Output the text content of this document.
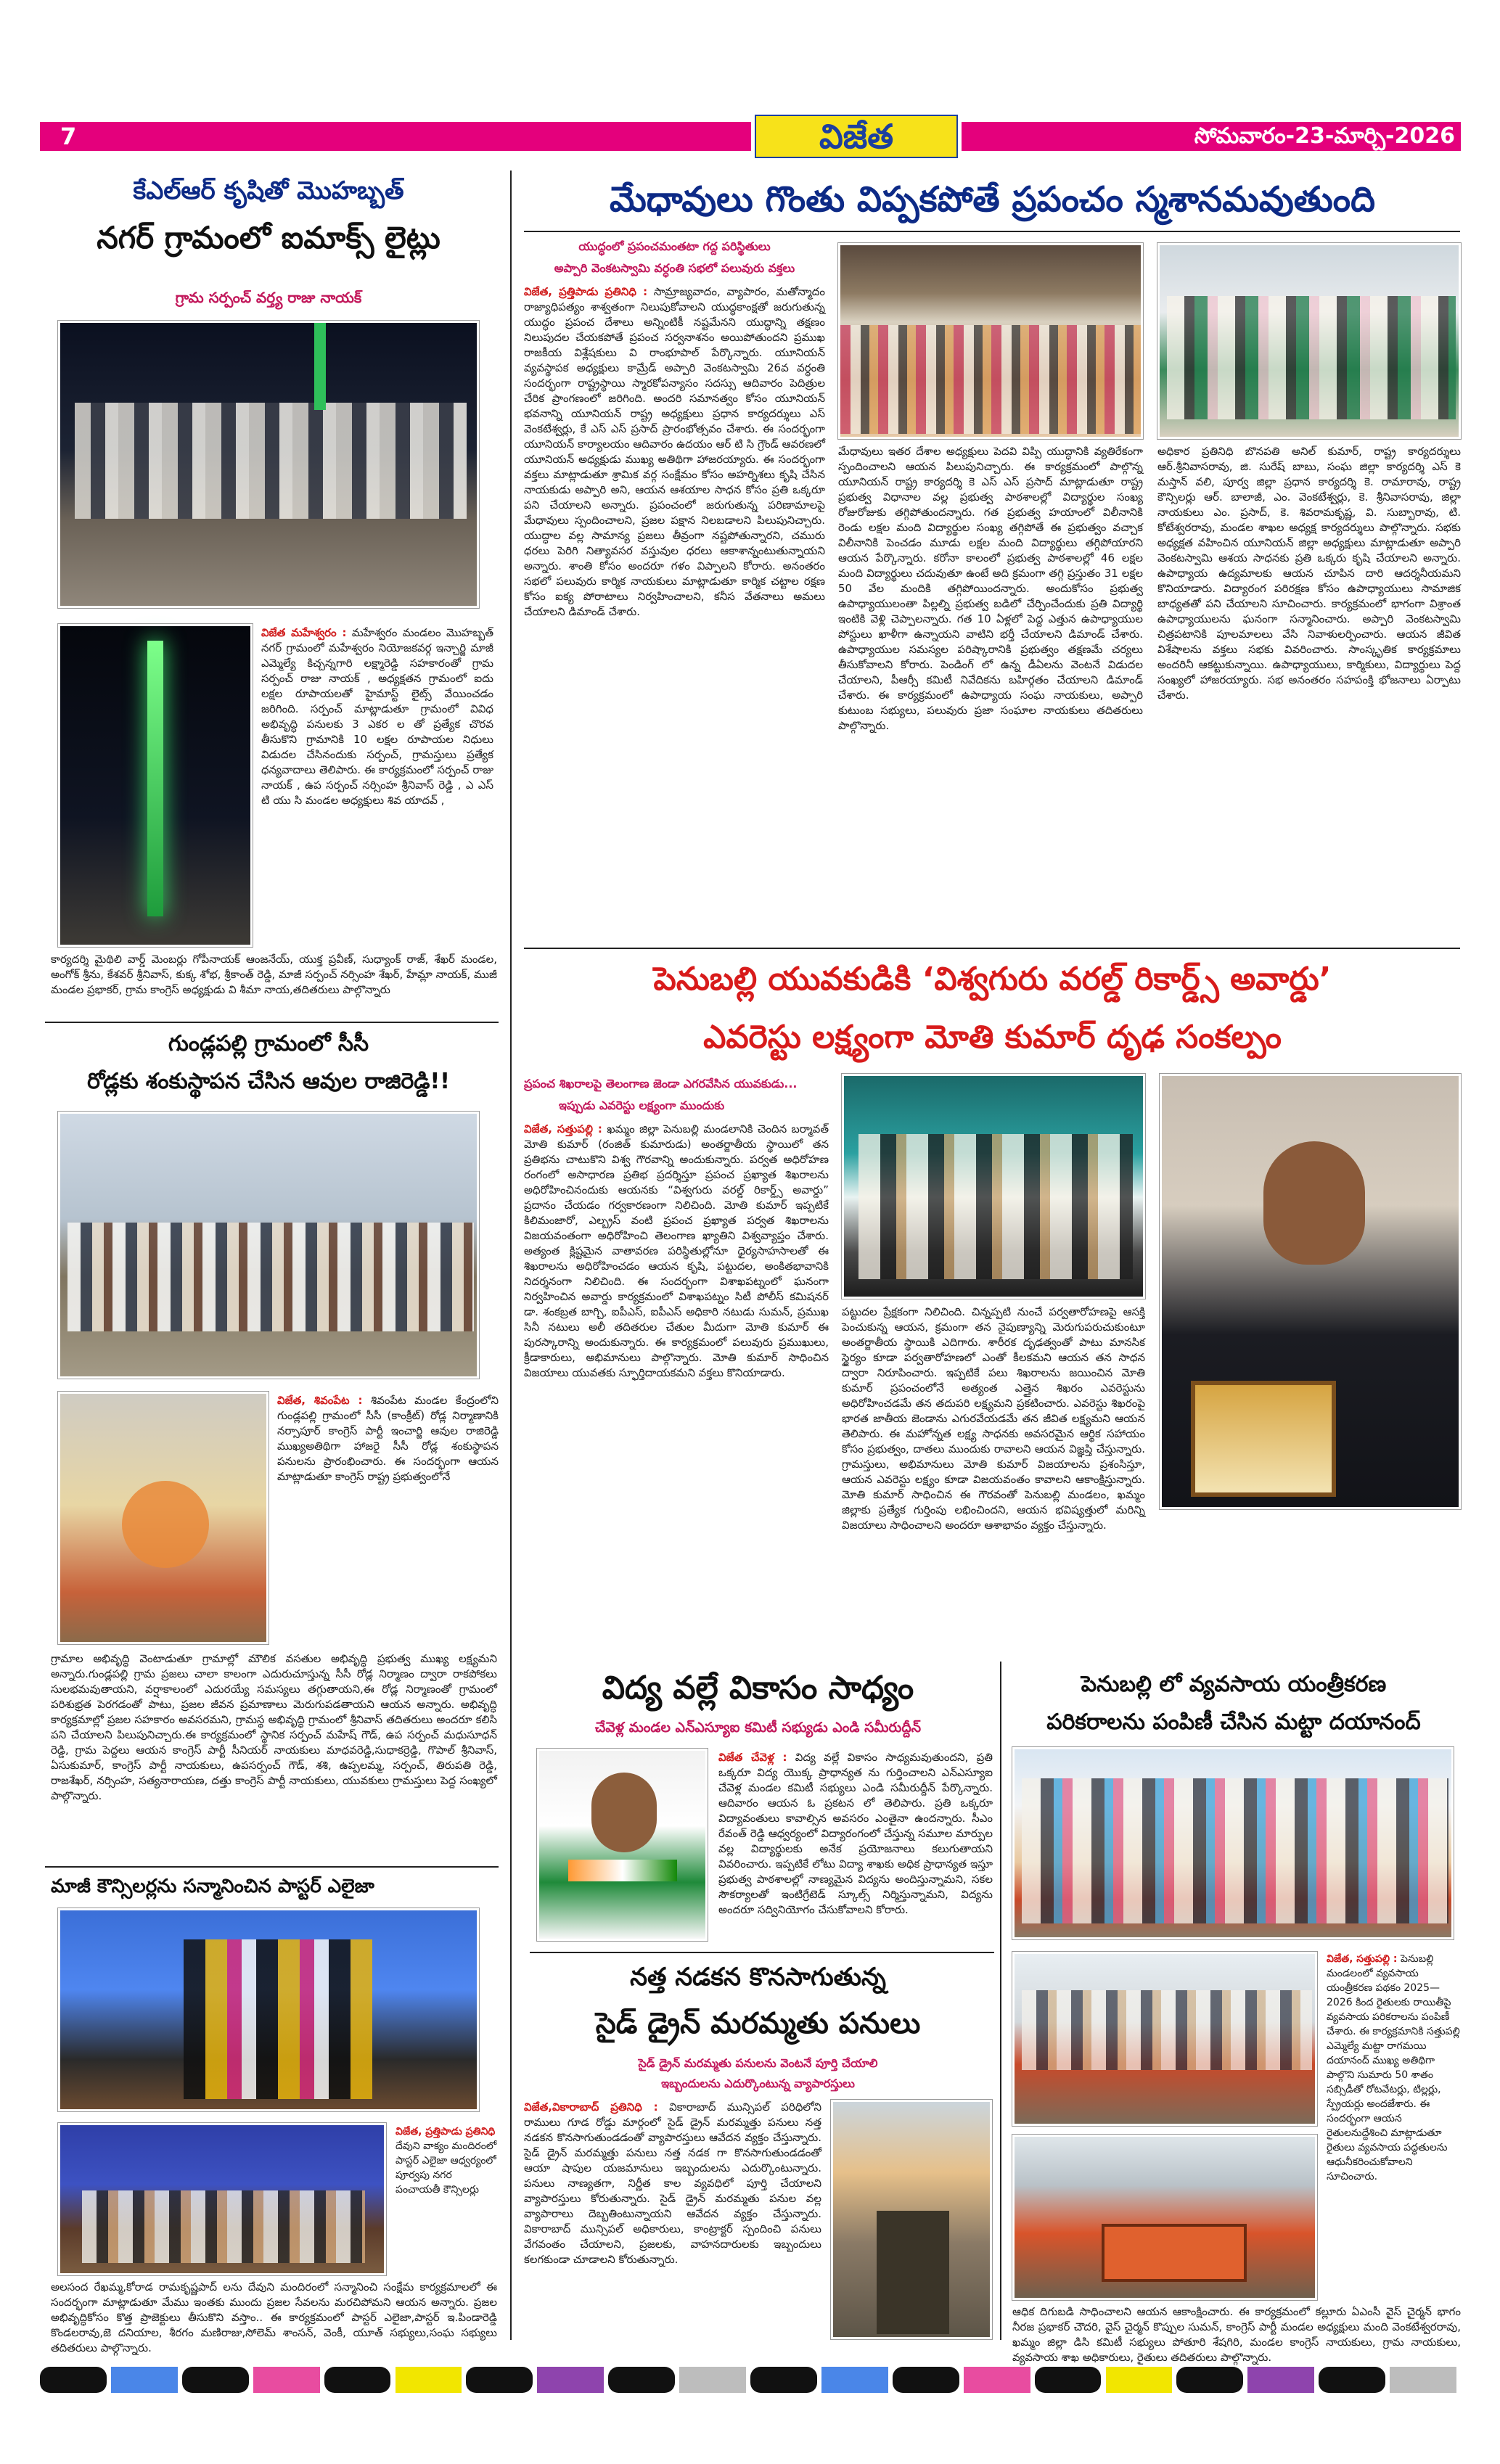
7	విజేత	సోమవారం-23-మార్చి-2026
కేఎల్ఆర్ కృషితో మొహబ్బత్
నగర్ గ్రామంలో ఐమాక్స్ లైట్లు
గ్రామ సర్పంచ్ వర్త్య రాజు నాయక్
విజేత మహేశ్వరం : మహేశ్వరం మండలం మొహబ్బత్ నగర్ గ్రామంలో మహేశ్వరం నియోజకవర్గ ఇన్చార్జి మాజీ ఎమ్మెల్యే కిచ్చన్నగారి లక్ష్మారెడ్డి సహకారంతో గ్రామ సర్పంచ్ రాజు నాయక్ , అధ్యక్షతన గ్రామంలో ఐదు లక్షల రూపాయలతో హైమాస్ట్ లైట్స్ వేయించడం జరిగింది. సర్పంచ్ మాట్లాడుతూ గ్రామంలో వివిధ అభివృద్ధి పనులకు 3 ఎకర ల తో ప్రత్యేక చొరవ తీసుకొని గ్రామానికి 10 లక్షల రూపాయల నిధులు విడుదల చేసినందుకు సర్పంచ్, గ్రామస్తులు ప్రత్యేక ధన్యవాదాలు తెలిపారు. ఈ కార్యక్రమంలో సర్పంచ్ రాజు నాయక్ , ఉప సర్పంచ్ నర్సింహ శ్రీనివాస్ రెడ్డి , ఎ ఎస్ టి యు సి మండల అధ్యక్షులు శివ యాదవ్ ,
కార్యదర్శి మైథిలి వార్డ్ మెంబర్లు గోపీనాయక్ ఆంజనేయ్, యుక్త ప్రవీణ్, సుధ్యాంక్ రాజ్, శేఖర్ మండల, అంగోక్ శ్రీను, కేశవర్ శ్రీనివాస్, కుక్క శోభ, శ్రీకాంత్ రెడ్డి, మాజీ సర్పంచ్ నర్సింహ శేఖర్, హేమ్లా నాయక్, ముజీ మండల ప్రభాకర్, గ్రామ కాంగ్రెస్ అధ్యక్షుడు వి శీమా నాయ,తదితరులు పాల్గొన్నారు
గుండ్లపల్లి గ్రామంలో సీసీ
రోడ్లకు శంకుస్థాపన చేసిన ఆవుల రాజిరెడ్డి!!
విజేత, శివంపేట : శివంపేట మండల కేంద్రంలోని గుండ్లపల్లి గ్రామంలో సీసీ (కాంక్రీట్) రోడ్ల నిర్మాణానికి నర్సాపూర్ కాంగ్రెస్ పార్టీ ఇంచార్జి ఆవుల రాజిరెడ్డి ముఖ్యఅతిథిగా హాజరై సీసీ రోడ్ల శంకుస్థాపన పనులను ప్రారంభించారు. ఈ సందర్భంగా ఆయన మాట్లాడుతూ కాంగ్రెస్ రాష్ట్ర ప్రభుత్వంలోనే
గ్రామాల అభివృద్ధి వెంటాడుతూ గ్రామాల్లో మౌలిక వసతుల అభివృద్ధి ప్రభుత్వ ముఖ్య లక్ష్యమని అన్నారు.గుండ్లపల్లి గ్రామ ప్రజలు చాలా కాలంగా ఎదురుచూస్తున్న సీసీ రోడ్ల నిర్మాణం ద్వారా రాకపోకలు సులభమవుతాయని, వర్షాకాలంలో ఎదురయ్యే సమస్యలు తగ్గుతాయని,ఈ రోడ్ల నిర్మాణంతో గ్రామంలో పరిశుభ్రత పెరగడంతో పాటు, ప్రజల జీవన ప్రమాణాలు మెరుగుపడతాయని ఆయన అన్నారు. అభివృద్ధి కార్యక్రమాల్లో ప్రజల సహకారం అవసరమని, గ్రామస్థ అభివృద్ధి గ్రామంలో శ్రీనివాస్ తదితరులు అందరూ కలిసి పని చేయాలని పిలుపునిచ్చారు.ఈ కార్యక్రమంలో స్థానిక సర్పంచ్ మహేష్ గౌడ్, ఉప సర్పంచ్ మధుసూధన్ రెడ్డి, గ్రామ పెద్దలు ఆయన కాంగ్రెస్ పార్టీ సీనియర్ నాయకులు మాధవరెడ్డి,సుధాకర్రెడ్డి, గొపాల్ శ్రీనివాస్, ఏసుకుమార్, కాంగ్రెస్ పార్టీ నాయకులు, ఉపసర్పంచ్ గౌడ్, శశి, ఉప్పలమ్మ, సర్పంచ్, తిరుపతి రెడ్డి, రాజశేఖర్, నర్సింహ, సత్యనారాయణ, దత్తు కాంగ్రెస్ పార్టీ నాయకులు, యువకులు గ్రామస్తులు పెద్ద సంఖ్యలో పాల్గొన్నారు.
మాజీ కౌన్సిలర్లను సన్మానించిన పాస్టర్ ఎలైజా
విజేత, ప్రత్తిపాడు ప్రతినిధి దేవుని వాక్యం మందిరంలో పాస్టర్ ఎలైజా ఆధ్వర్యంలో పూర్వపు నగర పంచాయతీ కౌన్సిలర్లు
అలసంద రేఖమ్మ,కోరాడ రామకృష్ణపాద్ లను దేవుని మందిరంలో సన్మానించి సంక్షేమ కార్యక్రమాలలో ఈ సందర్భంగా మాట్లాడుతూ మేము ఇంతకు ముందు ప్రజల సేవలను మరచిపోమని ఆయన అన్నారు. ప్రజల అభివృద్ధికోసం కొత్త ప్రాజెక్టులు తీసుకొని వస్తాం.. ఈ కార్యక్రమంలో పాస్టర్ ఎలైజా,పాస్టర్ ఇ.పిండారెడ్డి కొండలరావు,జె దనియాల, శీరగం మణిరాజు,సోలెమ్ శాంసన్, వెంకీ, యూత్ సభ్యులు,సంఘ సభ్యులు తదితరులు పాల్గొన్నారు.
మేధావులు గొంతు విప్పకపోతే ప్రపంచం స్మశానమవుతుంది
యుద్ధంలో ప్రపంచమంతటా గద్ద పరిస్థితులు
అప్పారి వెంకటస్వామి వర్ధంతి సభలో పలువురు వక్తలు
విజేత, ప్రత్తిపాడు ప్రతినిధి : సామ్రాజ్యవాదం, వ్యాపారం, మతోన్మాదం రాజ్యాధిపత్యం శాశ్వతంగా నిలుపుకోవాలని యుద్ధకాంక్షతో జరుగుతున్న యుద్ధం ప్రపంచ దేశాలు అన్నింటికీ నష్టమేనని యుద్ధాన్ని తక్షణం నిలుపుదల చేయకపోతే ప్రపంచ సర్వనాశనం అయిపోతుందని ప్రముఖ రాజకీయ విశ్లేషకులు వి రాంభూపాల్ పేర్కొన్నారు. యూనియన్ వ్యవస్థాపక అధ్యక్షులు కామ్రేడ్ అప్పారి వెంకటస్వామి 26వ వర్ధంతి సందర్భంగా రాష్ట్రస్థాయి స్మారకోపన్యాసం సదస్సు ఆదివారం పెదిత్రుల చేరిక ప్రాంగణంలో జరిగింది. అందరి సమానత్వం కోసం యూనియన్ భవనాన్ని యూనియన్ రాష్ట్ర అధ్యక్షులు ప్రధాన కార్యదర్శులు ఎస్ వెంకటేశ్వర్లు, కే ఎస్ ఎస్ ప్రసాద్ ప్రారంభోత్సవం చేశారు. ఈ సందర్భంగా యూనియన్ కార్యాలయం ఆదివారం ఉదయం ఆర్ టి సి గ్రౌండ్ ఆవరణలో యూనియన్ అధ్యక్షుడు ముఖ్య అతిథిగా హాజరయ్యారు. ఈ సందర్భంగా వక్తలు మాట్లాడుతూ శ్రామిక వర్గ సంక్షేమం కోసం అహర్నిశలు కృషి చేసిన నాయకుడు అప్పారి అని, ఆయన ఆశయాల సాధన కోసం ప్రతి ఒక్కరూ పని చేయాలని అన్నారు. ప్రపంచంలో జరుగుతున్న పరిణామాలపై మేధావులు స్పందించాలని, ప్రజల పక్షాన నిలబడాలని పిలుపునిచ్చారు. యుద్ధాల వల్ల సామాన్య ప్రజలు తీవ్రంగా నష్టపోతున్నారని, చమురు ధరలు పెరిగి నిత్యావసర వస్తువుల ధరలు ఆకాశాన్నంటుతున్నాయని అన్నారు. శాంతి కోసం అందరూ గళం విప్పాలని కోరారు. అనంతరం సభలో పలువురు కార్మిక నాయకులు మాట్లాడుతూ కార్మిక చట్టాల రక్షణ కోసం ఐక్య పోరాటాలు నిర్వహించాలని, కనీస వేతనాలు అమలు చేయాలని డిమాండ్ చేశారు.
మేధావులు ఇతర దేశాల అధ్యక్షులు పెదవి విప్పి యుద్ధానికి వ్యతిరేకంగా స్పందించాలని ఆయన పిలుపునిచ్చారు. ఈ కార్యక్రమంలో పాల్గొన్న యూనియన్ రాష్ట్ర కార్యదర్శి కె ఎస్ ఎస్ ప్రసాద్ మాట్లాడుతూ రాష్ట్ర ప్రభుత్వ విధానాల వల్ల ప్రభుత్వ పాఠశాలల్లో విద్యార్థుల సంఖ్య రోజురోజుకు తగ్గిపోతుందన్నారు. గత ప్రభుత్వ హయాంలో విలీనానికి రెండు లక్షల మంది విద్యార్థుల సంఖ్య తగ్గిపోతే ఈ ప్రభుత్వం వచ్చాక విలీనానికి పెంచడం మూడు లక్షల మంది విద్యార్థులు తగ్గిపోయారని ఆయన పేర్కొన్నారు. కరోనా కాలంలో ప్రభుత్వ పాఠశాలల్లో 46 లక్షల మంది విద్యార్థులు చదువుతూ ఉంటే అది క్రమంగా తగ్గి ప్రస్తుతం 31 లక్షల 50 వేల మందికి తగ్గిపోయిందన్నారు. అందుకోసం ప్రభుత్వ ఉపాధ్యాయులంతా పిల్లల్ని ప్రభుత్వ బడిలో చేర్పించేందుకు ప్రతి విద్యార్థి ఇంటికి వెళ్లి చెప్పాలన్నారు. గత 10 ఏళ్లలో పెద్ద ఎత్తున ఉపాధ్యాయుల పోస్టులు ఖాళీగా ఉన్నాయని వాటిని భర్తీ చేయాలని డిమాండ్ చేశారు. ఉపాధ్యాయుల సమస్యల పరిష్కారానికి ప్రభుత్వం తక్షణమే చర్యలు తీసుకోవాలని కోరారు. పెండింగ్ లో ఉన్న డీఏలను వెంటనే విడుదల చేయాలని, పీఆర్సీ కమిటీ నివేదికను బహిర్గతం చేయాలని డిమాండ్ చేశారు. ఈ కార్యక్రమంలో ఉపాధ్యాయ సంఘ నాయకులు, అప్పారి కుటుంబ సభ్యులు, పలువురు ప్రజా సంఘాల నాయకులు తదితరులు పాల్గొన్నారు.
అధికార ప్రతినిధి బొనపతి అనిల్ కుమార్, రాష్ట్ర కార్యదర్శులు ఆర్.శ్రీనివాసరావు, జి. సురేష్ బాబు, సంఘ జిల్లా కార్యదర్శి ఎస్ కె మస్తాన్ వలి, పూర్వ జిల్లా ప్రధాన కార్యదర్శి కె. రామారావు, రాష్ట్ర కౌన్సిలర్లు ఆర్. బాలాజీ, ఎం. వెంకటేశ్వర్లు, కె. శ్రీనివాసరావు, జిల్లా నాయకులు ఎం. ప్రసాద్, కె. శివరామకృష్ణ, వి. సుబ్బారావు, టి. కోటేశ్వరరావు, మండల శాఖల అధ్యక్ష కార్యదర్శులు పాల్గొన్నారు. సభకు అధ్యక్షత వహించిన యూనియన్ జిల్లా అధ్యక్షులు మాట్లాడుతూ అప్పారి వెంకటస్వామి ఆశయ సాధనకు ప్రతి ఒక్కరు కృషి చేయాలని అన్నారు. ఉపాధ్యాయ ఉద్యమాలకు ఆయన చూపిన దారి ఆదర్శనీయమని కొనియాడారు. విద్యారంగ పరిరక్షణ కోసం ఉపాధ్యాయులు సామాజిక బాధ్యతతో పని చేయాలని సూచించారు. కార్యక్రమంలో భాగంగా విశ్రాంత ఉపాధ్యాయులను ఘనంగా సన్మానించారు. అప్పారి వెంకటస్వామి చిత్రపటానికి పూలమాలలు వేసి నివాళులర్పించారు. ఆయన జీవిత విశేషాలను వక్తలు సభకు వివరించారు. సాంస్కృతిక కార్యక్రమాలు అందరినీ ఆకట్టుకున్నాయి. ఉపాధ్యాయులు, కార్మికులు, విద్యార్థులు పెద్ద సంఖ్యలో హాజరయ్యారు. సభ అనంతరం సహపంక్తి భోజనాలు ఏర్పాటు చేశారు.
పెనుబల్లి యువకుడికి ‘విశ్వగురు వరల్డ్ రికార్డ్స్ అవార్డు’
ఎవరెస్టు లక్ష్యంగా మోతి కుమార్ దృఢ సంకల్పం
ప్రపంచ శిఖరాలపై తెలంగాణ జెండా ఎగరవేసిన యువకుడు...
ఇప్పుడు ఎవరెస్టు లక్ష్యంగా ముందుకు
విజేత, సత్తుపల్లి : ఖమ్మం జిల్లా పెనుబల్లి మండలానికి చెందిన బర్మావత్ మోతి కుమార్ (రంజిత్ కుమారుడు) అంతర్జాతీయ స్థాయిలో తన ప్రతిభను చాటుకొని విశ్వ గౌరవాన్ని అందుకున్నారు. పర్వత అధిరోహణ రంగంలో అసాధారణ ప్రతిభ ప్రదర్శిస్తూ ప్రపంచ ప్రఖ్యాత శిఖరాలను అధిరోహించినందుకు ఆయనకు “విశ్వగురు వరల్డ్ రికార్డ్స్ అవార్డు” ప్రదానం చేయడం గర్వకారణంగా నిలిచింది. మోతి కుమార్ ఇప్పటికే కిలిమంజారో, ఎల్బ్రస్ వంటి ప్రపంచ ప్రఖ్యాత పర్వత శిఖరాలను విజయవంతంగా అధిరోహించి తెలంగాణ ఖ్యాతిని విశ్వవ్యాప్తం చేశారు. అత్యంత క్లిష్టమైన వాతావరణ పరిస్థితుల్లోనూ ధైర్యసాహసాలతో ఈ శిఖరాలను అధిరోహించడం ఆయన కృషి, పట్టుదల, అంకితభావానికి నిదర్శనంగా నిలిచింది. ఈ సందర్భంగా విశాఖపట్నంలో ఘనంగా నిర్వహించిన అవార్డు కార్యక్రమంలో విశాఖపట్నం సిటీ పోలీస్ కమిషనర్ డా. శంకబ్రత బాగ్చి, ఐపీఎస్, ఐపీఎస్ అధికారి నటుడు సుమన్, ప్రముఖ సినీ నటులు అలీ తదితరుల చేతుల మీదుగా మోతి కుమార్ ఈ పురస్కారాన్ని అందుకున్నారు. ఈ కార్యక్రమంలో పలువురు ప్రముఖులు, క్రీడాకారులు, అభిమానులు పాల్గొన్నారు. మోతి కుమార్ సాధించిన విజయాలు యువతకు స్ఫూర్తిదాయకమని వక్తలు కొనియాడారు.
పట్టుదల ప్రేక్షకంగా నిలిచింది. చిన్నప్పటి నుంచే పర్వతారోహణపై ఆసక్తి పెంచుకున్న ఆయన, క్రమంగా తన నైపుణ్యాన్ని మెరుగుపరుచుకుంటూ అంతర్జాతీయ స్థాయికి ఎదిగారు. శారీరక దృఢత్వంతో పాటు మానసిక స్థైర్యం కూడా పర్వతారోహణలో ఎంతో కీలకమని ఆయన తన సాధన ద్వారా నిరూపించారు. ఇప్పటికే పలు శిఖరాలను జయించిన మోతి కుమార్ ప్రపంచంలోనే అత్యంత ఎత్తైన శిఖరం ఎవరెస్టును అధిరోహించడమే తన తదుపరి లక్ష్యమని ప్రకటించారు. ఎవరెస్టు శిఖరంపై భారత జాతీయ జెండాను ఎగురవేయడమే తన జీవిత లక్ష్యమని ఆయన తెలిపారు. ఈ మహోన్నత లక్ష్య సాధనకు అవసరమైన ఆర్థిక సహాయం కోసం ప్రభుత్వం, దాతలు ముందుకు రావాలని ఆయన విజ్ఞప్తి చేస్తున్నారు. గ్రామస్తులు, అభిమానులు మోతి కుమార్ విజయాలను ప్రశంసిస్తూ, ఆయన ఎవరెస్టు లక్ష్యం కూడా విజయవంతం కావాలని ఆకాంక్షిస్తున్నారు. మోతి కుమార్ సాధించిన ఈ గౌరవంతో పెనుబల్లి మండలం, ఖమ్మం జిల్లాకు ప్రత్యేక గుర్తింపు లభించిందని, ఆయన భవిష్యత్తులో మరిన్ని విజయాలు సాధించాలని అందరూ ఆశాభావం వ్యక్తం చేస్తున్నారు.
విద్య వల్లే వికాసం సాధ్యం
చేవెళ్ల మండల ఎన్ఎస్యూఐ కమిటీ సభ్యుడు ఎండి సమీరుద్దీన్
విజేత చేవెళ్ల : విద్య వల్లే వికాసం సాధ్యమవుతుందని, ప్రతి ఒక్కరూ విద్య యొక్క ప్రాధాన్యత ను గుర్తించాలని ఎన్ఎస్యూఐ చేవెళ్ల మండల కమిటీ సభ్యులు ఎండి సమీరుద్దీన్ పేర్కొన్నారు. ఆదివారం ఆయన ఓ ప్రకటన లో తెలిపారు. ప్రతి ఒక్కరూ విద్యావంతులు కావాల్సిన అవసరం ఎంతైనా ఉందన్నారు. సీఎం రేవంత్ రెడ్డి ఆధ్వర్యంలో విద్యారంగంలో చేస్తున్న సమూల మార్పుల వల్ల విద్యార్థులకు అనేక ప్రయోజనాలు కలుగుతాయని వివరించారు. ఇప్పటికే లోటు విద్యా శాఖకు అధిక ప్రాధాన్యత ఇస్తూ ప్రభుత్వ పాఠశాలల్లో నాణ్యమైన విద్యను అందిస్తున్నామని, సకల సౌకర్యాలతో ఇంటిగ్రేటెడ్ స్కూల్స్ నిర్మిస్తున్నామని, విద్యను అందరూ సద్వినియోగం చేసుకోవాలని కోరారు.
నత్త నడకన కొనసాగుతున్న
సైడ్ డ్రైన్ మరమ్మతు పనులు
సైడ్ డ్రైన్ మరమ్మతు పనులను వెంటనే పూర్తి చేయాలి
ఇబ్బందులను ఎదుర్కొంటున్న వ్యాపారస్తులు
విజేత,వికారాబాద్ ప్రతినిధి : వికారాబాద్ మున్సిపల్ పరిధిలోని రాములు గూడ రోడ్డు మార్గంలో సైడ్ డ్రైన్ మరమ్మత్తు పనులు నత్త నడకన కొనసాగుతుండడంతో వ్యాపారస్తులు ఆవేదన వ్యక్తం చేస్తున్నారు. సైడ్ డ్రైన్ మరమ్మత్తు పనులు నత్త నడక గా కొనసాగుతుండడంతో ఆయా షాపుల యజమానులు ఇబ్బందులను ఎదుర్కొంటున్నారు. పనులు నాణ్యతగా, నిర్ణీత కాల వ్యవధిలో పూర్తి చేయాలని వ్యాపారస్తులు కోరుతున్నారు. సైడ్ డ్రైన్ మరమ్మతు పనుల వల్ల వ్యాపారాలు దెబ్బతింటున్నాయని ఆవేదన వ్యక్తం చేస్తున్నారు. వికారాబాద్ మున్సిపల్ అధికారులు, కాంట్రాక్టర్ స్పందించి పనులు వేగవంతం చేయాలని, ప్రజలకు, వాహనదారులకు ఇబ్బందులు కలగకుండా చూడాలని కోరుతున్నారు.
పెనుబల్లి లో వ్యవసాయ యంత్రీకరణ
పరికరాలను పంపిణీ చేసిన మట్టా దయానంద్
విజేత, సత్తుపల్లి : పెనుబల్లి మండలంలో వ్యవసాయ యంత్రీకరణ పథకం 2025—2026 కింద రైతులకు రాయితీపై వ్యవసాయ పరికరాలను పంపిణీ చేశారు. ఈ కార్యక్రమానికి సత్తుపల్లి ఎమ్మెల్యే మట్టా రాగమయి దయానంద్ ముఖ్య అతిథిగా పాల్గొని సుమారు 50 శాతం సబ్సిడీతో రోటవేటర్లు, టిల్లర్లు, స్ప్రేయర్లు అందజేశారు. ఈ సందర్భంగా ఆయన రైతులనుద్దేశించి మాట్లాడుతూ రైతులు వ్యవసాయ పద్ధతులను ఆధునీకరించుకోవాలని సూచించారు.
ఆధిక దిగుబడి సాధించాలని ఆయన ఆకాంక్షించారు. ఈ కార్యక్రమంలో కల్లూరు ఏఎంసీ వైస్ చైర్మన్ భాగం నీరజ ప్రభాకర్ చౌదరి, వైస్ చైర్మన్ కొప్పుల సుమన్, కాంగ్రెస్ పార్టీ మండల అధ్యక్షులు మంది వెంకటేశ్వరరావు, ఖమ్మం జిల్లా డిసి కమిటీ సభ్యులు పోతూరి శేషగిరి, మండల కాంగ్రెస్ నాయకులు, గ్రామ నాయకులు, వ్యవసాయ శాఖ అధికారులు, రైతులు తదితరులు పాల్గొన్నారు.
